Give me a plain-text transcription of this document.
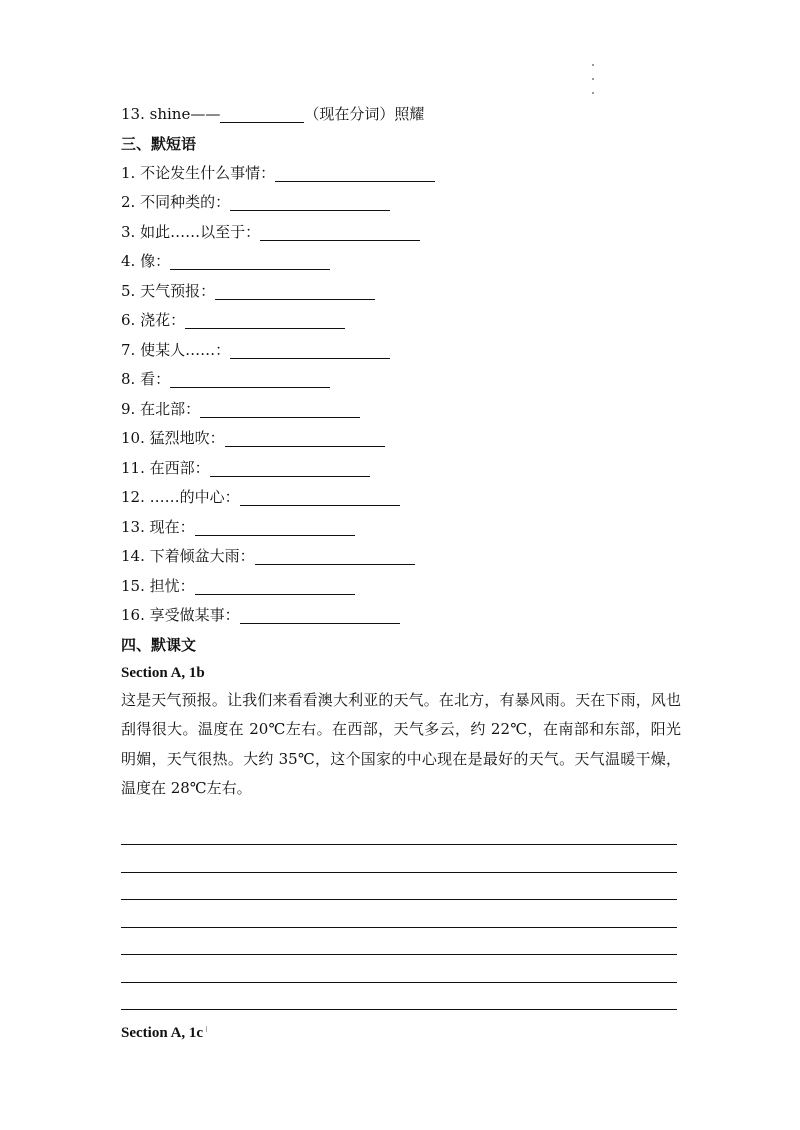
13. shine——	（现在分词）照耀
三、默短语
1. 不论发生什么事情：
2. 不同种类的：
3. 如此……以至于：
4. 像：
5. 天气预报：
6. 浇花：
7. 使某人……：
8. 看：
9. 在北部：
10. 猛烈地吹：
11. 在西部：
12. ……的中心：
13. 现在：
14. 下着倾盆大雨：
15. 担忧：
16. 享受做某事：
四、默课文
Section A, 1b
这是天气预报。让我们来看看澳大利亚的天气。在北方，有暴风雨。天在下雨，风也刮得很大。温度在 20℃左右。在西部，天气多云，约 22℃，在南部和东部，阳光明媚，天气很热。大约 35℃，这个国家的中心现在是最好的天气。天气温暖干燥，温度在 28℃左右。
Section A, 1c
